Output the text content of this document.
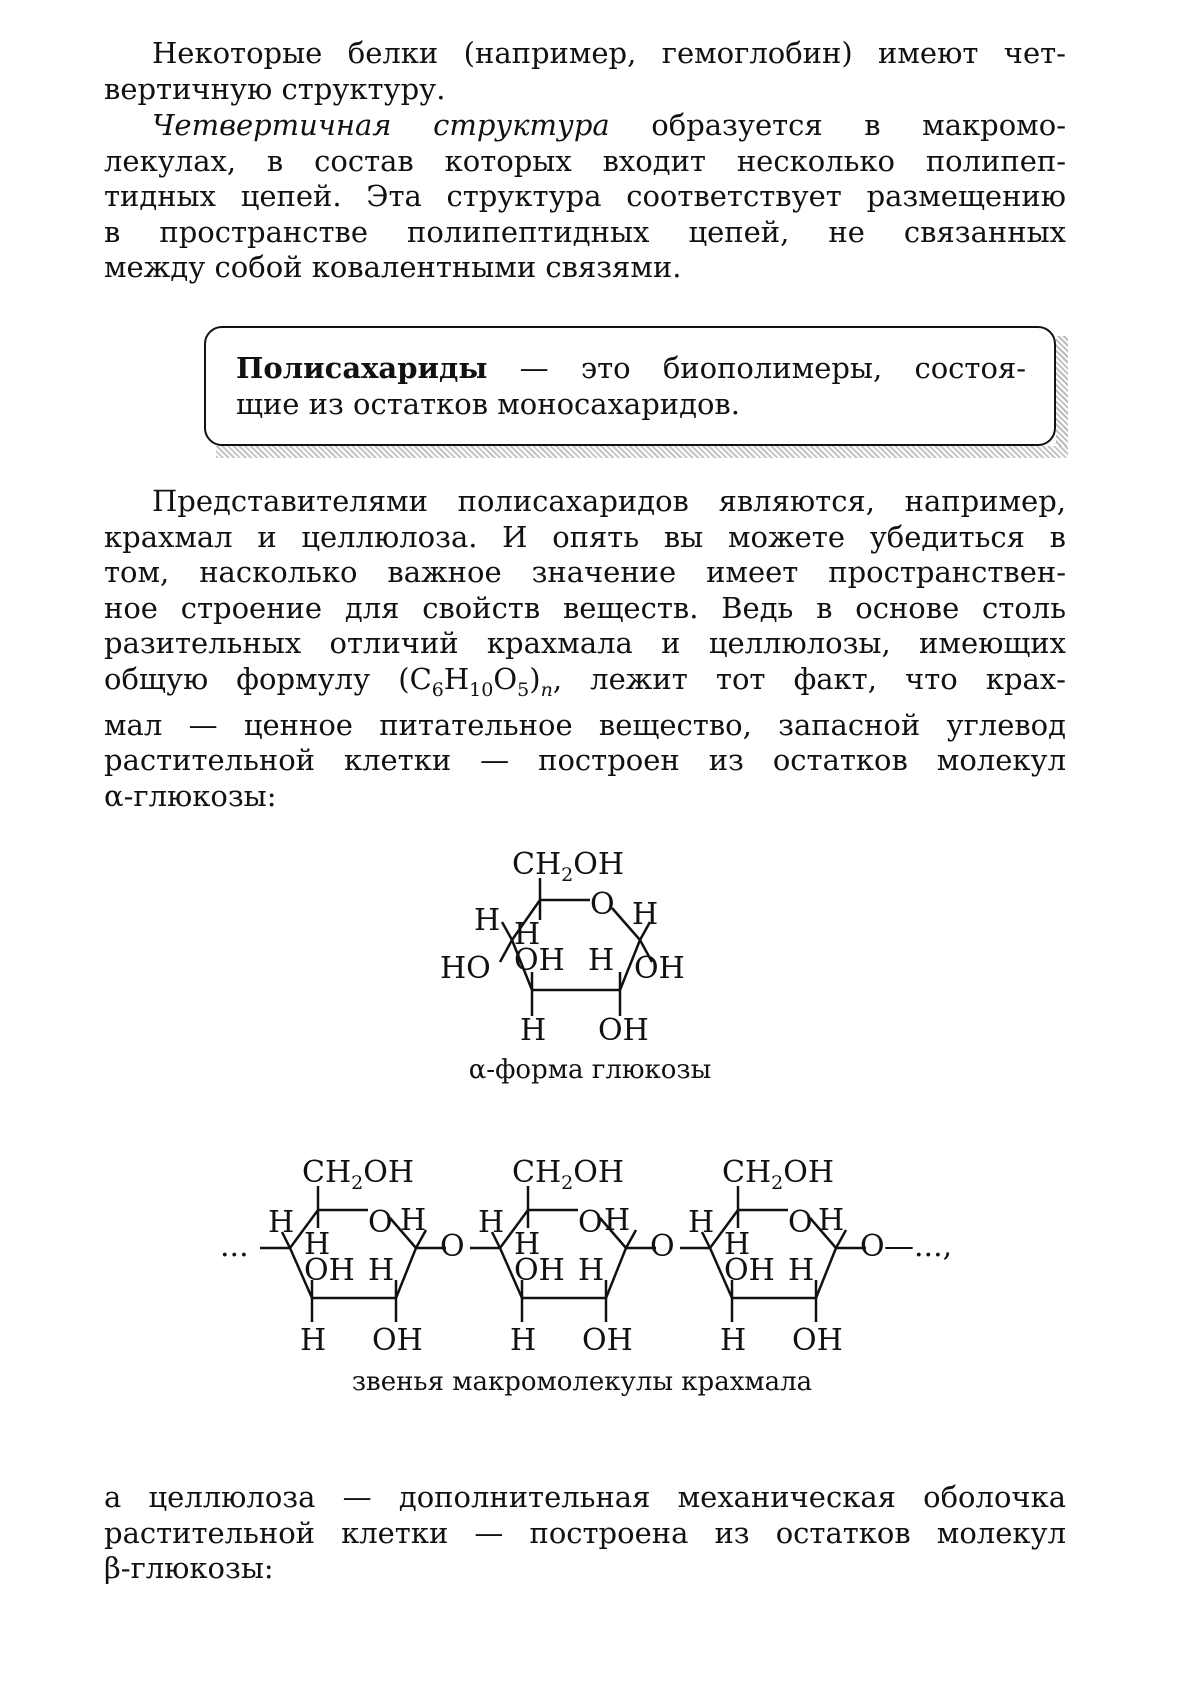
Некоторые белки (например, гемоглобин) имеют чет-
вертичную структуру.
Четвертичная структура образуется в макромо-
лекулах, в состав которых входит несколько полипеп-
тидных цепей. Эта структура соответствует размещению
в пространстве полипептидных цепей, не связанных
между собой ковалентными связями.
Полисахариды — это биополимеры, состоя-
щие из остатков моносахаридов.
Представителями полисахаридов являются, например,
крахмал и целлюлоза. И опять вы можете убедиться в
том, насколько важное значение имеет пространствен-
ное строение для свойств веществ. Ведь в основе столь
разительных отличий крахмала и целлюлозы, имеющих
общую формулу $(C_6H_{10}O_5)_n$, лежит тот факт, что крах-
мал — ценное питательное вещество, запасной углевод
растительной клетки — построен из остатков молекул
α-глюкозы:
$CH_2OH$
O
H H
H
HO OH H OH
H OH
α-форма глюкозы
...
$CH_2OH$
H O H
H
OH H
H OH
O
$CH_2OH$
H O H
H
OH H
H OH
O
$CH_2OH$
H O H
H
OH H
H OH
O —...,
звенья макромолекулы крахмала
а целлюлоза — дополнительная механическая оболочка
растительной клетки — построена из остатков молекул
β-глюкозы:
